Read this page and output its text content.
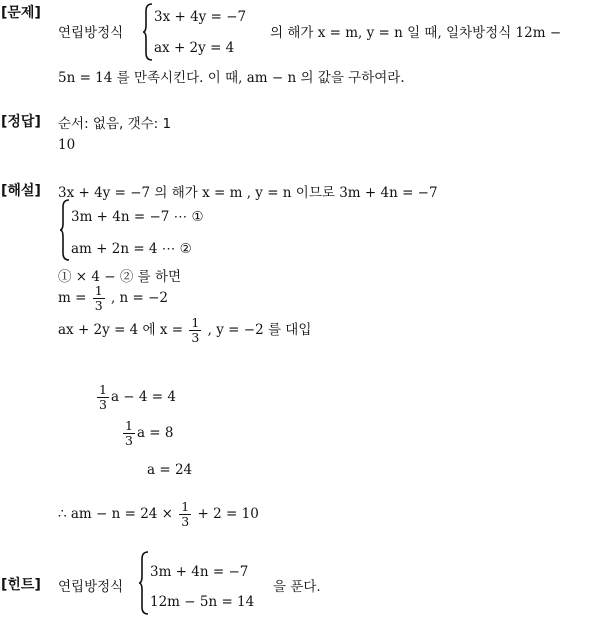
[문제]
연립방정식
3x + 4y = −7
ax + 2y = 4
의 해가 x = m, y = n 일 때, 일차방정식 12m −
5n = 14 를 만족시킨다. 이 때, am − n 의 값을 구하여라.
[정답] 순서: 없음, 갯수: 1
10
[해설] 3x + 4y = −7 의 해가 x = m , y = n 이므로 3m + 4n = −7
3m + 4n = −7 ⋯ ①
am + 2n = 4 ⋯ ②
① × 4 − ② 를 하면
$m = \frac{1}{3}$ , n = −2
ax + 2y = 4 에 $x = \frac{1}{3}$ , y = −2 를 대입
$\frac{1}{3}$ a − 4 = 4
$\frac{1}{3}$ a = 8
a = 24
∴ am − $n = 24 \times \frac{1}{3} + 2 = 10$
[힌트] 연립방정식
3m + 4n = −7
12m − 5n = 14
을 푼다.
